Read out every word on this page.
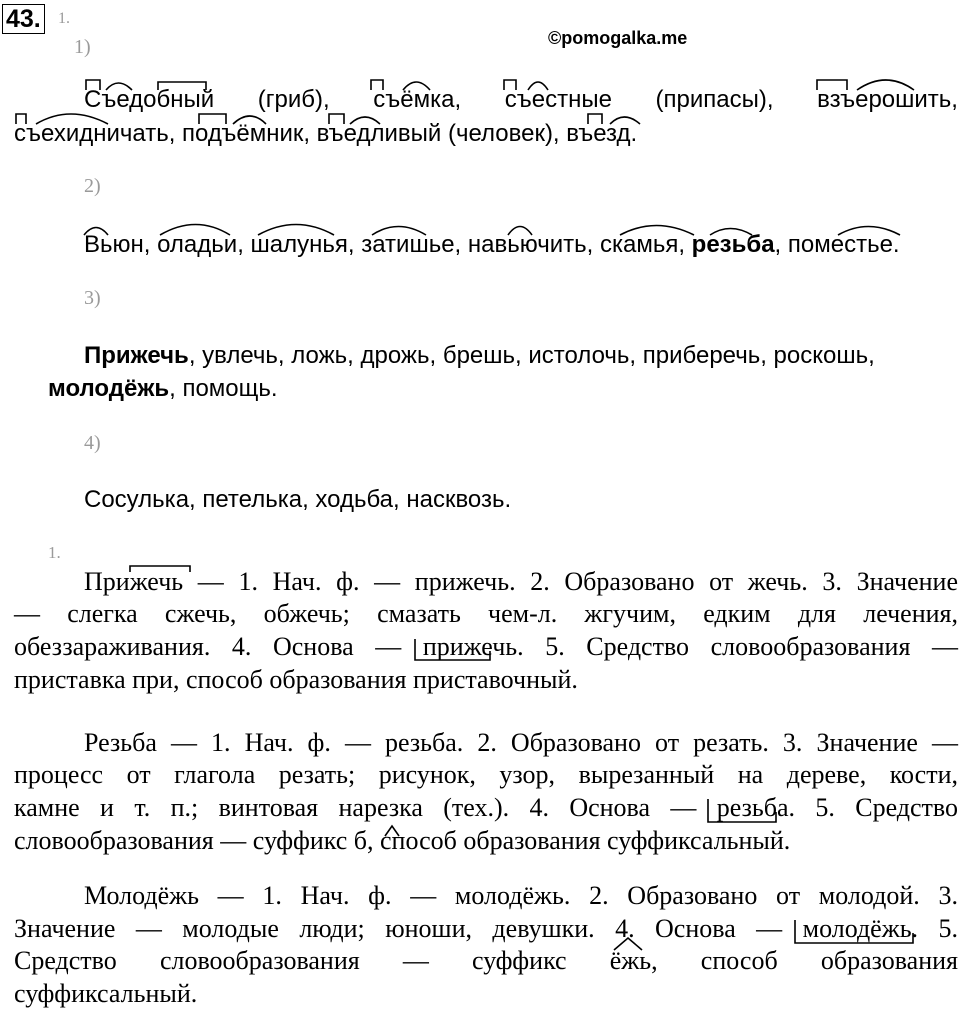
43. 1.
©pomogalka.me
1)
Съедобный (гриб), съёмка, съестные (припасы), взъерошить,
съехидничать, подъёмник, въедливый (человек), въезд.
2)
Вьюн, оладьи, шалунья, затишье, навьючить, скамья, резьба, поместье.
3)
Прижечь, увлечь, ложь, дрожь, брешь, истолочь, приберечь, роскошь,
молодёжь, помощь.
4)
Сосулька, петелька, ходьба, насквозь.
1.
Прижечь — 1. Нач. ф. — прижечь. 2. Образовано от жечь. 3. Значение
— слегка сжечь, обжечь; смазать чем-л. жгучим, едким для лечения,
обеззараживания. 4. Основа — прижечь. 5. Средство словообразования —
приставка при, способ образования приставочный.
Резьба — 1. Нач. ф. — резьба. 2. Образовано от резать. 3. Значение —
процесс от глагола резать; рисунок, узор, вырезанный на дереве, кости,
камне и т. п.; винтовая нарезка (тех.). 4. Основа — резьба. 5. Средство
словообразования — суффикс б, способ образования суффиксальный.
Молодёжь — 1. Нач. ф. — молодёжь. 2. Образовано от молодой. 3.
Значение — молодые люди; юноши, девушки. 4. Основа — молодёжь. 5.
Средство словообразования — суффикс ёжь, способ образования
суффиксальный.
